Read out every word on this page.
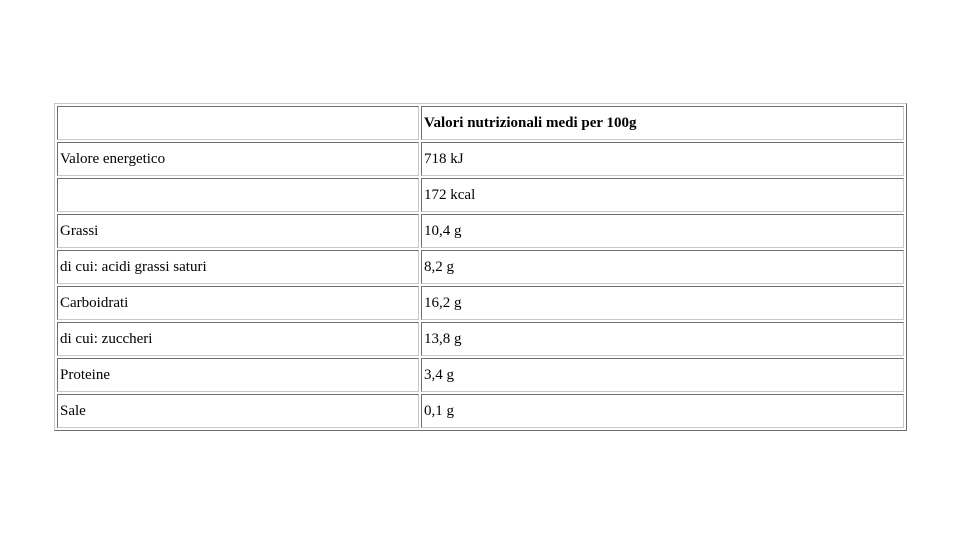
	Valori nutrizionali medi per 100g
Valore energetico	718 kJ
	172 kcal
Grassi	10,4 g
di cui: acidi grassi saturi	8,2 g
Carboidrati	16,2 g
di cui: zuccheri	13,8 g
Proteine	3,4 g
Sale	0,1 g
